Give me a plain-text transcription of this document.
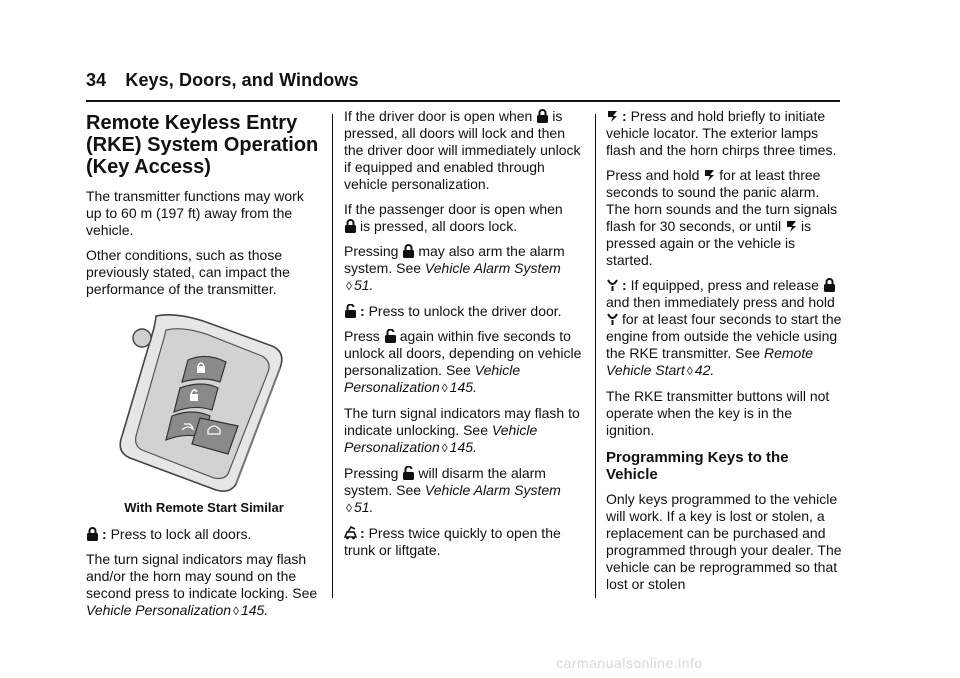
34 Keys, Doors, and Windows
Remote Keyless Entry (RKE) System Operation (Key Access)

The transmitter functions may work up to 60 m (197 ft) away from the vehicle.

Other conditions, such as those previously stated, can impact the performance of the transmitter.

With Remote Start Similar

: Press to lock all doors.

The turn signal indicators may flash and/or the horn may sound on the second press to indicate locking. See Vehicle Personalization ◊ 145.

If the driver door is open when is pressed, all doors will lock and then the driver door will immediately unlock if equipped and enabled through vehicle personalization.

If the passenger door is open when
is pressed, all doors lock.

Pressing may also arm the alarm system. See Vehicle Alarm System
◊ 51.

: Press to unlock the driver door.

Press again within five seconds to unlock all doors, depending on vehicle personalization. See Vehicle Personalization ◊ 145.

The turn signal indicators may flash to indicate unlocking. See Vehicle Personalization ◊ 145.

Pressing will disarm the alarm system. See Vehicle Alarm System
◊ 51.

: Press twice quickly to open the trunk or liftgate.

: Press and hold briefly to initiate vehicle locator. The exterior lamps flash and the horn chirps three times.

Press and hold for at least three seconds to sound the panic alarm. The horn sounds and the turn signals flash for 30 seconds, or until is pressed again or the vehicle is started.

: If equipped, press and release
and then immediately press and hold
for at least four seconds to start the engine from outside the vehicle using the RKE transmitter. See Remote Vehicle Start ◊ 42.

The RKE transmitter buttons will not operate when the key is in the ignition.

Programming Keys to the Vehicle

Only keys programmed to the vehicle will work. If a key is lost or stolen, a replacement can be purchased and programmed through your dealer. The vehicle can be reprogrammed so that lost or stolen

carmanualsonline.info
